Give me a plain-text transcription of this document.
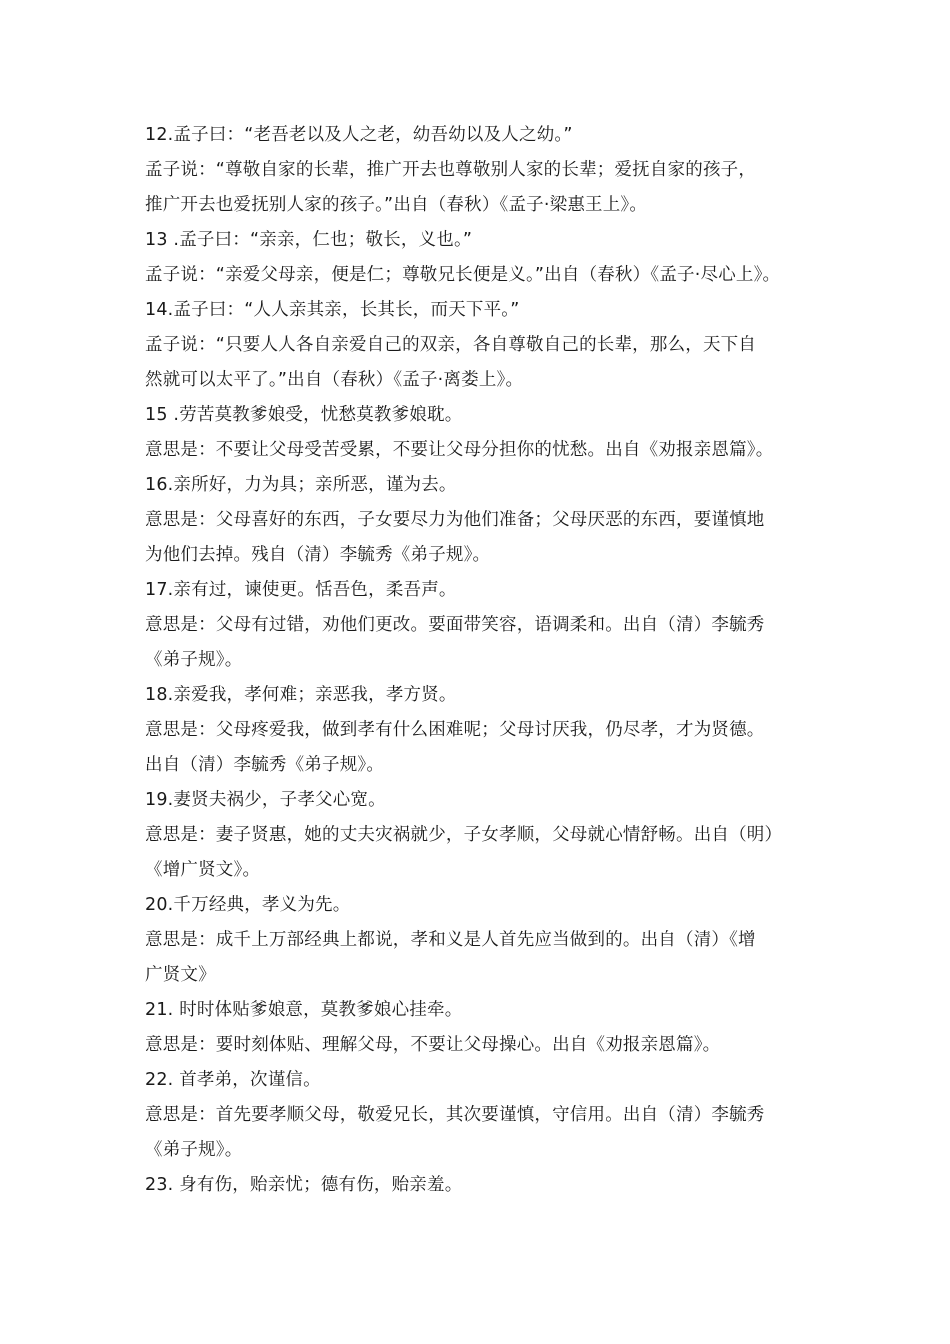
12.孟子曰：“老吾老以及人之老，幼吾幼以及人之幼。”
孟子说：“尊敬自家的长辈，推广开去也尊敬别人家的长辈；爱抚自家的孩子，
推广开去也爱抚别人家的孩子。”出自（春秋）《孟子·梁惠王上》。
13 .孟子曰：“亲亲，仁也；敬长，义也。”
孟子说：“亲爱父母亲，便是仁；尊敬兄长便是义。”出自（春秋）《孟子·尽心上》。
14.孟子曰：“人人亲其亲，长其长，而天下平。”
孟子说：“只要人人各自亲爱自己的双亲，各自尊敬自己的长辈，那么，天下自
然就可以太平了。”出自（春秋）《孟子·离娄上》。
15 .劳苦莫教爹娘受，忧愁莫教爹娘耽。
意思是：不要让父母受苦受累，不要让父母分担你的忧愁。出自《劝报亲恩篇》。
16.亲所好，力为具；亲所恶，谨为去。
意思是：父母喜好的东西，子女要尽力为他们准备；父母厌恶的东西，要谨慎地
为他们去掉。残自（清）李毓秀《弟子规》。
17.亲有过，谏使更。恬吾色，柔吾声。
意思是：父母有过错，劝他们更改。要面带笑容，语调柔和。出自（清）李毓秀
《弟子规》。
18.亲爱我，孝何难；亲恶我，孝方贤。
意思是：父母疼爱我，做到孝有什么困难呢；父母讨厌我，仍尽孝，才为贤德。
出自（清）李毓秀《弟子规》。
19.妻贤夫祸少，子孝父心宽。
意思是：妻子贤惠，她的丈夫灾祸就少，子女孝顺，父母就心情舒畅。出自（明）
《增广贤文》。
20.千万经典，孝义为先。
意思是：成千上万部经典上都说，孝和义是人首先应当做到的。出自（清）《增
广贤文》
21. 时时体贴爹娘意，莫教爹娘心挂牵。
意思是：要时刻体贴、理解父母，不要让父母操心。出自《劝报亲恩篇》。
22. 首孝弟，次谨信。
意思是：首先要孝顺父母，敬爱兄长，其次要谨慎，守信用。出自（清）李毓秀
《弟子规》。
23. 身有伤，贻亲忧；德有伤，贻亲羞。
